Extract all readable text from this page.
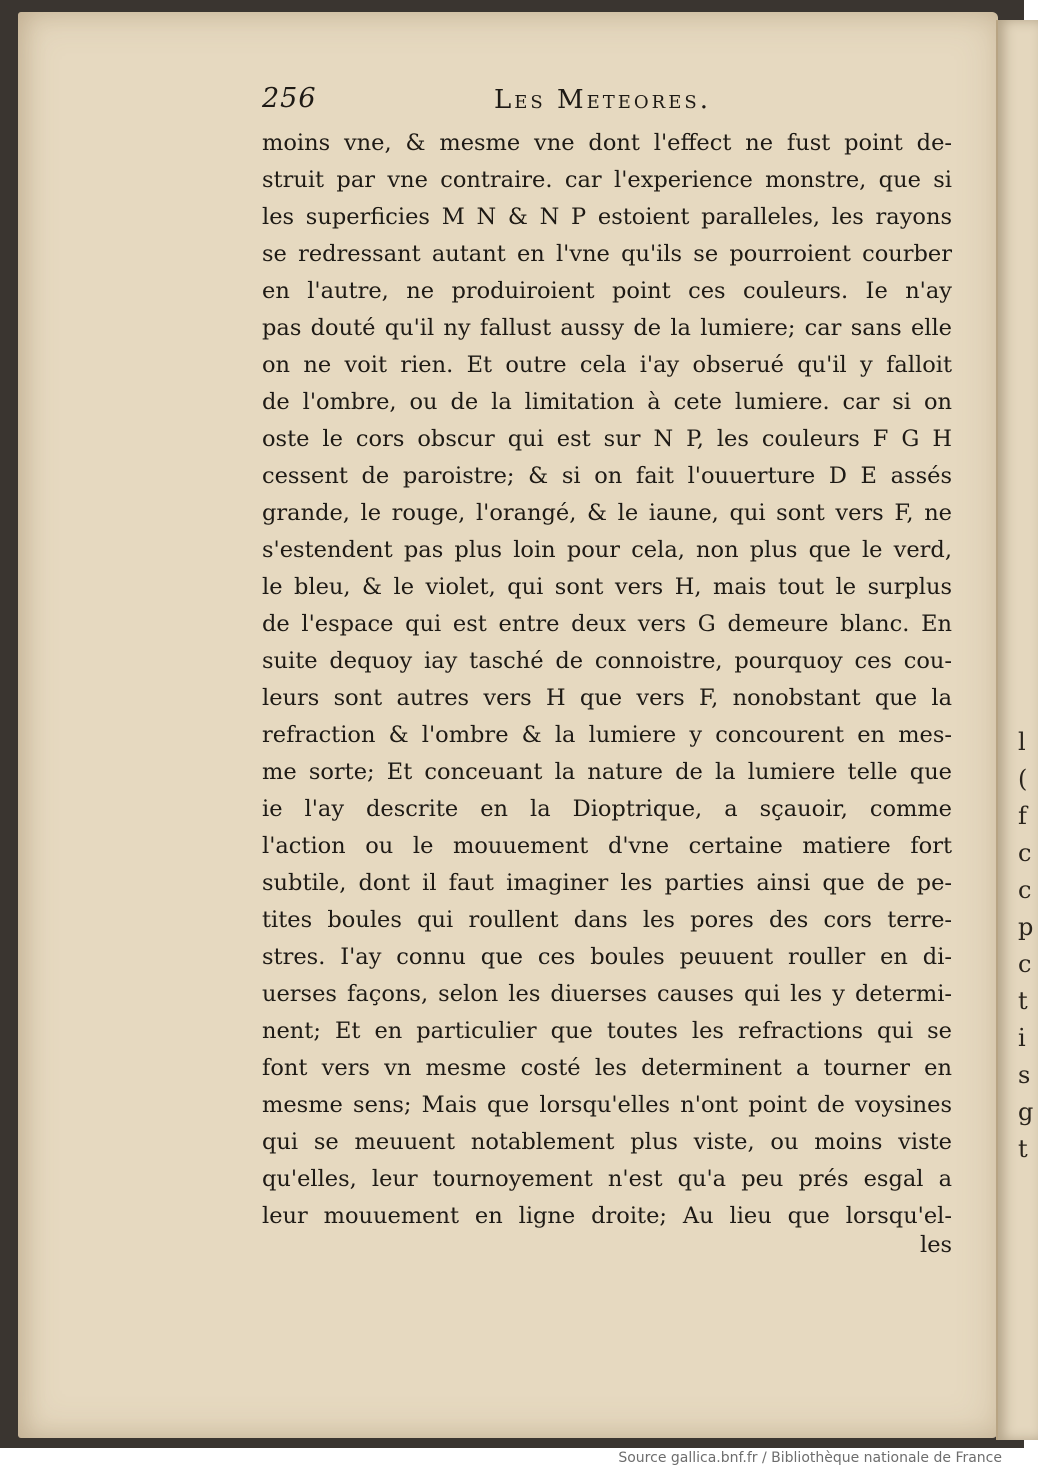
l
(
f
c
c
p
c
t
i
s
g
t
256	Les Meteores.
moins vne, & mesme vne dont l'effect ne fust point de-
struit par vne contraire. car l'experience monstre, que si
les superficies M N & N P estoient paralleles, les rayons
se redressant autant en l'vne qu'ils se pourroient courber
en l'autre, ne produiroient point ces couleurs. Ie n'ay
pas douté qu'il ny fallust aussy de la lumiere; car sans elle
on ne voit rien. Et outre cela i'ay obserué qu'il y falloit
de l'ombre, ou de la limitation à cete lumiere. car si on
oste le cors obscur qui est sur N P, les couleurs F G H
cessent de paroistre; & si on fait l'ouuerture D E assés
grande, le rouge, l'orangé, & le iaune, qui sont vers F, ne
s'estendent pas plus loin pour cela, non plus que le verd,
le bleu, & le violet, qui sont vers H, mais tout le surplus
de l'espace qui est entre deux vers G demeure blanc. En
suite dequoy iay tasché de connoistre, pourquoy ces cou-
leurs sont autres vers H que vers F, nonobstant que la
refraction & l'ombre & la lumiere y concourent en mes-
me sorte; Et conceuant la nature de la lumiere telle que
ie l'ay descrite en la Dioptrique, a sçauoir, comme
l'action ou le mouuement d'vne certaine matiere fort
subtile, dont il faut imaginer les parties ainsi que de pe-
tites boules qui roullent dans les pores des cors terre-
stres. I'ay connu que ces boules peuuent rouller en di-
uerses façons, selon les diuerses causes qui les y determi-
nent; Et en particulier que toutes les refractions qui se
font vers vn mesme costé les determinent a tourner en
mesme sens; Mais que lorsqu'elles n'ont point de voysines
qui se meuuent notablement plus viste, ou moins viste
qu'elles, leur tournoyement n'est qu'a peu prés esgal a
leur mouuement en ligne droite; Au lieu que lorsqu'el-
les
Source gallica.bnf.fr / Bibliothèque nationale de France
